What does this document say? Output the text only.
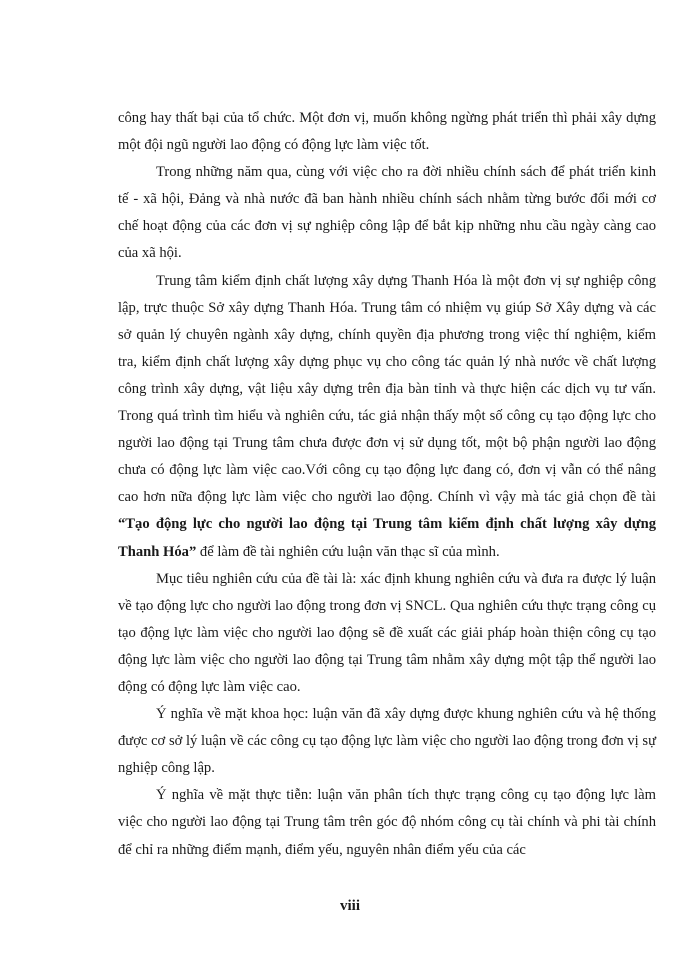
công hay thất bại của tổ chức. Một đơn vị, muốn không ngừng phát triển thì phải xây dựng một đội ngũ người lao động có động lực làm việc tốt.

Trong những năm qua, cùng với việc cho ra đời nhiều chính sách để phát triển kinh tế - xã hội, Đảng và nhà nước đã ban hành nhiều chính sách nhằm từng bước đổi mới cơ chế hoạt động của các đơn vị sự nghiệp công lập để bắt kịp những nhu cầu ngày càng cao của xã hội.

Trung tâm kiểm định chất lượng xây dựng Thanh Hóa là một đơn vị sự nghiệp công lập, trực thuộc Sở xây dựng Thanh Hóa. Trung tâm có nhiệm vụ giúp Sở Xây dựng và các sở quản lý chuyên ngành xây dựng, chính quyền địa phương trong việc thí nghiệm, kiểm tra, kiểm định chất lượng xây dựng phục vụ cho công tác quản lý nhà nước về chất lượng công trình xây dựng, vật liệu xây dựng trên địa bàn tỉnh và thực hiện các dịch vụ tư vấn. Trong quá trình tìm hiểu và nghiên cứu, tác giả nhận thấy một số công cụ tạo động lực cho người lao động tại Trung tâm chưa được đơn vị sử dụng tốt, một bộ phận người lao động chưa có động lực làm việc cao.Với công cụ tạo động lực đang có, đơn vị vẫn có thể nâng cao hơn nữa động lực làm việc cho người lao động. Chính vì vậy mà tác giả chọn đề tài “Tạo động lực cho người lao động tại Trung tâm kiểm định chất lượng xây dựng Thanh Hóa” để làm đề tài nghiên cứu luận văn thạc sĩ của mình.

Mục tiêu nghiên cứu của đề tài là: xác định khung nghiên cứu và đưa ra được lý luận về tạo động lực cho người lao động trong đơn vị SNCL. Qua nghiên cứu thực trạng công cụ tạo động lực làm việc cho người lao động sẽ đề xuất các giải pháp hoàn thiện công cụ tạo động lực làm việc cho người lao động tại Trung tâm nhằm xây dựng một tập thể người lao động có động lực làm việc cao.

Ý nghĩa về mặt khoa học: luận văn đã xây dựng được khung nghiên cứu và hệ thống được cơ sở lý luận về các công cụ tạo động lực làm việc cho người lao động trong đơn vị sự nghiệp công lập.

Ý nghĩa về mặt thực tiễn: luận văn phân tích thực trạng công cụ tạo động lực làm việc cho người lao động tại Trung tâm trên góc độ nhóm công cụ tài chính và phi tài chính để chỉ ra những điểm mạnh, điểm yếu, nguyên nhân điểm yếu của các

viii
